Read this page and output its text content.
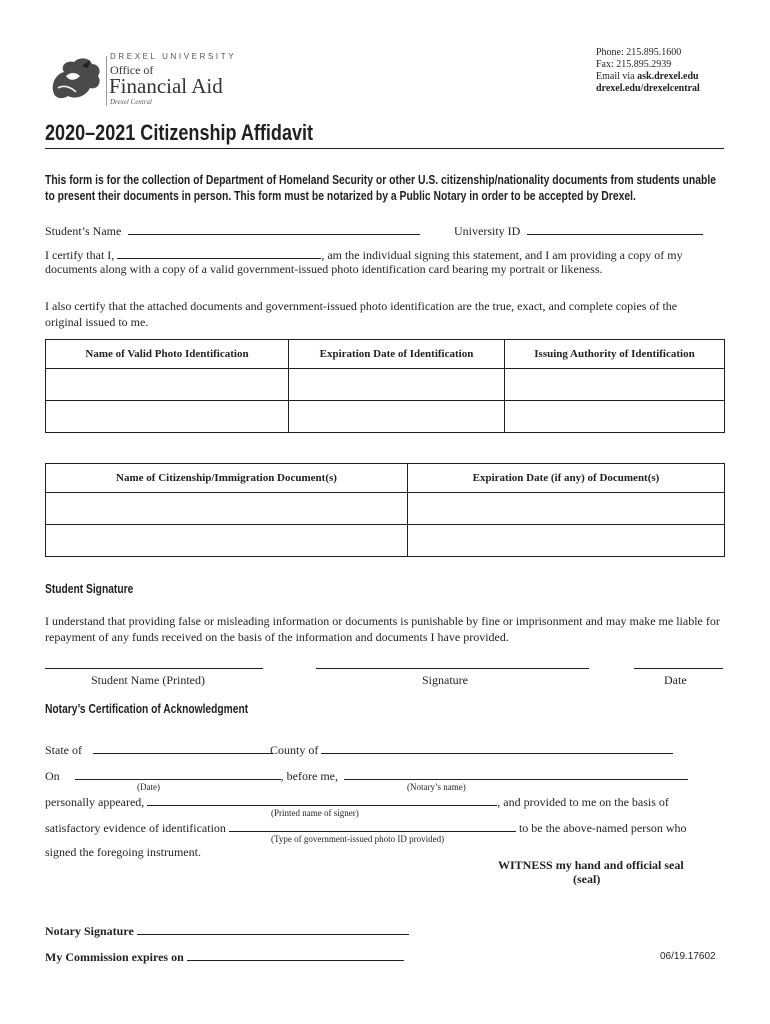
DREXEL UNIVERSITY
Office of
Financial Aid
Drexel Central
Phone: 215.895.1600
Fax: 215.895.2939
Email via ask.drexel.edu
drexel.edu/drexelcentral
2020–2021 Citizenship Affidavit
This form is for the collection of Department of Homeland Security or other U.S. citizenship/nationality documents from students unable to present their documents in person. This form must be notarized by a Public Notary in order to be accepted by Drexel.
Student’s Name	University ID
I certify that I,	, am the individual signing this statement, and I am providing a copy of my
documents along with a copy of a valid government-issued photo identification card bearing my portrait or likeness.
I also certify that the attached documents and government-issued photo identification are the true, exact, and complete copies of the original issued to me.
Name of Valid Photo Identification	Expiration Date of Identification	Issuing Authority of Identification

Name of Citizenship/Immigration Document(s)	Expiration Date (if any) of Document(s)

Student Signature
I understand that providing false or misleading information or documents is punishable by fine or imprisonment and may make me liable for repayment of any funds received on the basis of the information and documents I have provided.
Student Name (Printed)	Signature	Date
Notary’s Certification of Acknowledgment
State of	County of
On	, before me,
(Date)	(Notary’s name)
personally appeared,	, and provided to me on the basis of
(Printed name of signer)
satisfactory evidence of identification	to be the above-named person who
(Type of government-issued photo ID provided)
signed the foregoing instrument.
WITNESS my hand and official seal
(seal)
Notary Signature
My Commission expires on	06/19.17602
